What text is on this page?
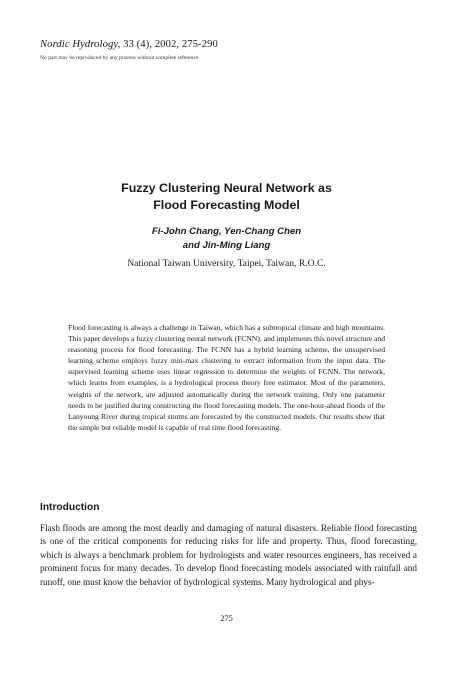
Nordic Hydrology, 33 (4), 2002, 275-290
No part may be reproduced by any process without complete reference
Fuzzy Clustering Neural Network as
Flood Forecasting Model
Fi-John Chang, Yen-Chang Chen
and Jin-Ming Liang
National Taiwan University, Taipei, Taiwan, R.O.C.
Flood forecasting is always a challenge in Taiwan, which has a subtropical climate and high mountains. This paper develops a fuzzy clustering neural network (FCNN), and implements this novel structure and reasoning process for flood forecasting. The FCNN has a hybrid learning scheme, the unsupervised learning scheme employs fuzzy min-max clustering to extract information from the input data. The supervised learning scheme uses linear regression to determine the weights of FCNN. The network, which learns from examples, is a hydrological process theory free estimator. Most of the parameters, weights of the network, are adjusted automatically during the network training. Only one parameter needs to be justified during constructing the flood forecasting models. The one-hour-ahead floods of the Lanyoung River during tropical storms are forecasted by the constructed models. Our results show that the simple but reliable model is capable of real time flood forecasting.
Introduction
Flash floods are among the most deadly and damaging of natural disasters. Reliable flood forecasting is one of the critical components for reducing risks for life and property. Thus, flood forecasting, which is always a benchmark problem for hydrologists and water resources engineers, has received a prominent focus for many decades. To develop flood forecasting models associated with rainfall and runoff, one must know the behavior of hydrological systems. Many hydrological and phys-
275
